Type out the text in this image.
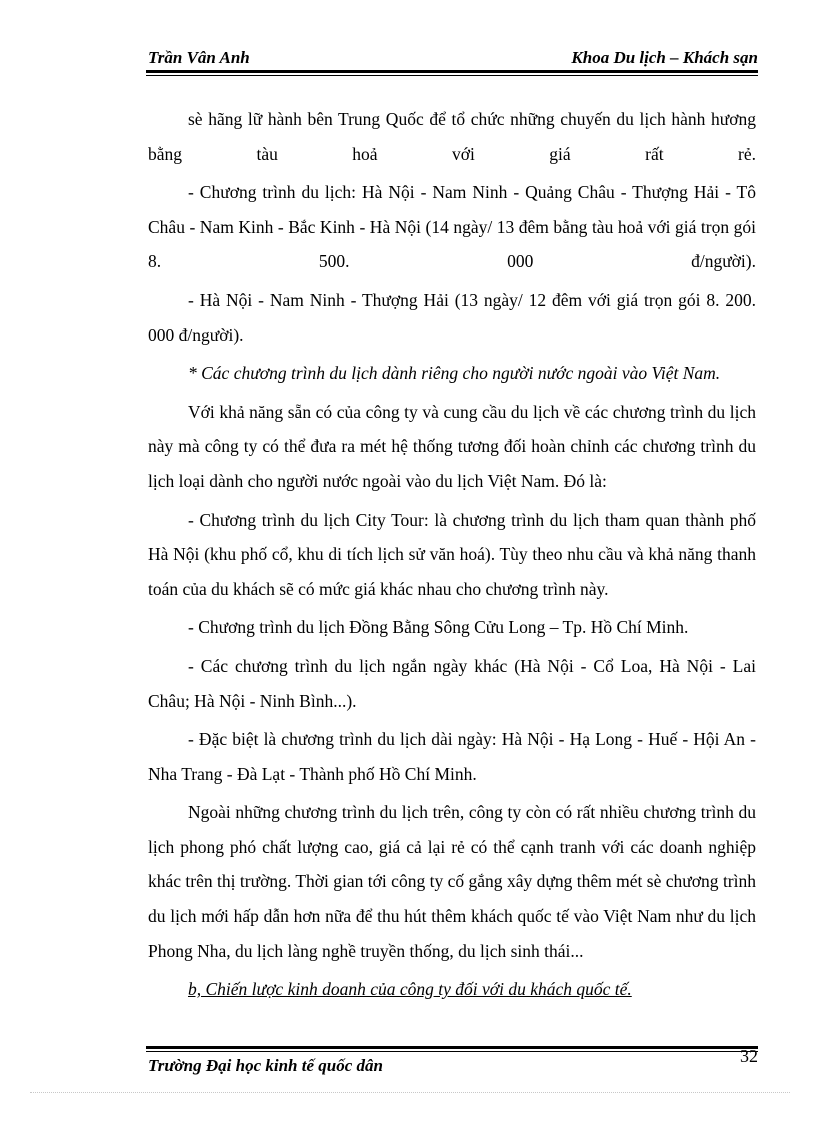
Trần Vân Anh	Khoa Du lịch – Khách sạn

sè hãng lữ hành bên Trung Quốc để tổ chức những chuyến du lịch hành hương bằng tàu hoả với giá rất rẻ.

- Chương trình du lịch: Hà Nội - Nam Ninh - Quảng Châu - Thượng Hải - Tô Châu - Nam Kinh - Bắc Kinh - Hà Nội (14 ngày/ 13 đêm bằng tàu hoả với giá trọn gói 8. 500. 000 đ/người).

- Hà Nội - Nam Ninh - Thượng Hải (13 ngày/ 12 đêm với giá trọn gói 8. 200. 000 đ/người).

* Các chương trình du lịch dành riêng cho người nước ngoài vào Việt Nam.

Với khả năng sẵn có của công ty và cung cầu du lịch về các chương trình du lịch này mà công ty có thể đưa ra mét hệ thống tương đối hoàn chỉnh các chương trình du lịch loại dành cho người nước ngoài vào du lịch Việt Nam. Đó là:

- Chương trình du lịch City Tour: là chương trình du lịch tham quan thành phố Hà Nội (khu phố cổ, khu di tích lịch sử văn hoá). Tùy theo nhu cầu và khả năng thanh toán của du khách sẽ có mức giá khác nhau cho chương trình này.

- Chương trình du lịch Đồng Bằng Sông Cửu Long – Tp. Hồ Chí Minh.

- Các chương trình du lịch ngắn ngày khác (Hà Nội - Cổ Loa, Hà Nội - Lai Châu; Hà Nội - Ninh Bình...).

- Đặc biệt là chương trình du lịch dài ngày: Hà Nội - Hạ Long - Huế - Hội An - Nha Trang - Đà Lạt - Thành phố Hồ Chí Minh.

Ngoài những chương trình du lịch trên, công ty còn có rất nhiều chương trình du lịch phong phó chất lượng cao, giá cả lại rẻ có thể cạnh tranh với các doanh nghiệp khác trên thị trường. Thời gian tới công ty cố gắng xây dựng thêm mét sè chương trình du lịch mới hấp dẫn hơn nữa để thu hút thêm khách quốc tế vào Việt Nam như du lịch Phong Nha, du lịch làng nghề truyền thống, du lịch sinh thái...

b, Chiến lược kinh doanh của công ty đối với du khách quốc tế.

32
Trường Đại học kinh tế quốc dân
